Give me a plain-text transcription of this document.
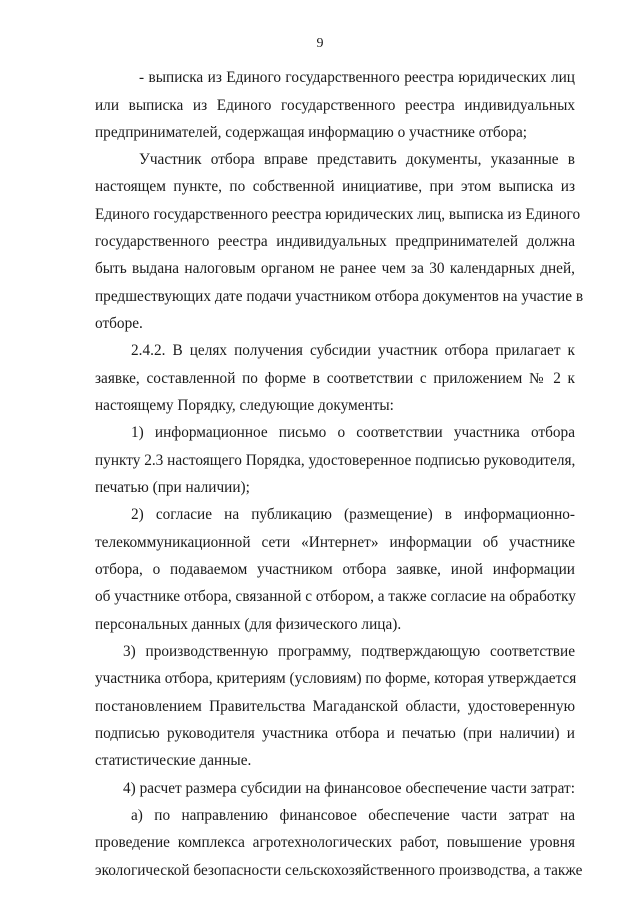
9
- выписка из Единого государственного реестра юридических лиц
или выписка из Единого государственного реестра индивидуальных
предпринимателей, содержащая информацию о участнике отбора;
Участник отбора вправе представить документы, указанные в
настоящем пункте, по собственной инициативе, при этом выписка из
Единого государственного реестра юридических лиц, выписка из Единого
государственного реестра индивидуальных предпринимателей должна
быть выдана налоговым органом не ранее чем за 30 календарных дней,
предшествующих дате подачи участником отбора документов на участие в
отборе.
2.4.2. В целях получения субсидии участник отбора прилагает к
заявке, составленной по форме в соответствии с приложением № 2 к
настоящему Порядку, следующие документы:
1) информационное письмо о соответствии участника отбора
пункту 2.3 настоящего Порядка, удостоверенное подписью руководителя,
печатью (при наличии);
2) согласие на публикацию (размещение) в информационно-
телекоммуникационной сети «Интернет» информации об участнике
отбора, о подаваемом участником отбора заявке, иной информации
об участнике отбора, связанной с отбором, а также согласие на обработку
персональных данных (для физического лица).
3) производственную программу, подтверждающую соответствие
участника отбора, критериям (условиям) по форме, которая утверждается
постановлением Правительства Магаданской области, удостоверенную
подписью руководителя участника отбора и печатью (при наличии) и
статистические данные.
4) расчет размера субсидии на финансовое обеспечение части затрат:
а) по направлению финансовое обеспечение части затрат на
проведение комплекса агротехнологических работ, повышение уровня
экологической безопасности сельскохозяйственного производства, а также
